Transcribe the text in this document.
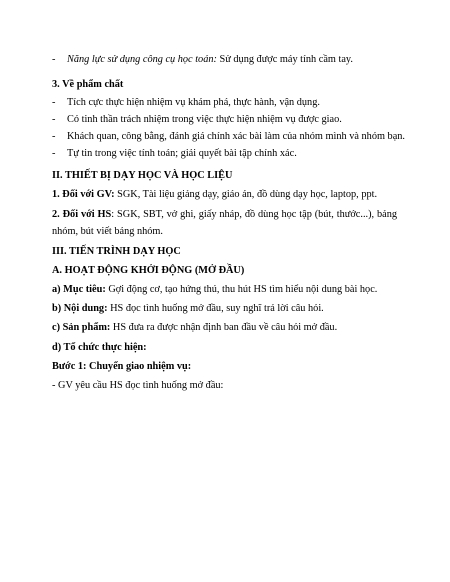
- Năng lực sử dụng công cụ học toán: Sử dụng được máy tính cầm tay.
3. Về phẩm chất
- Tích cực thực hiện nhiệm vụ khám phá, thực hành, vận dụng.
- Có tinh thần trách nhiệm trong việc thực hiện nhiệm vụ được giao.
- Khách quan, công bằng, đánh giá chính xác bài làm của nhóm mình và nhóm bạn.
- Tự tin trong việc tính toán; giải quyết bài tập chính xác.
II. THIẾT BỊ DẠY HỌC VÀ HỌC LIỆU
1. Đối với GV: SGK, Tài liệu giảng dạy, giáo án, đồ dùng dạy học, laptop, ppt.
2. Đối với HS: SGK, SBT, vở ghi, giấy nháp, đồ dùng học tập (bút, thước...), bảng nhóm, bút viết bảng nhóm.
III. TIẾN TRÌNH DẠY HỌC
A. HOẠT ĐỘNG KHỞI ĐỘNG (MỞ ĐẦU)
a) Mục tiêu: Gợi động cơ, tạo hứng thú, thu hút HS tìm hiểu nội dung bài học.
b) Nội dung: HS đọc tình huống mở đầu, suy nghĩ trả lời câu hỏi.
c) Sản phẩm: HS đưa ra được nhận định ban đầu về câu hỏi mở đầu.
d) Tổ chức thực hiện:
Bước 1: Chuyển giao nhiệm vụ:
- GV yêu cầu HS đọc tình huống mở đầu:
